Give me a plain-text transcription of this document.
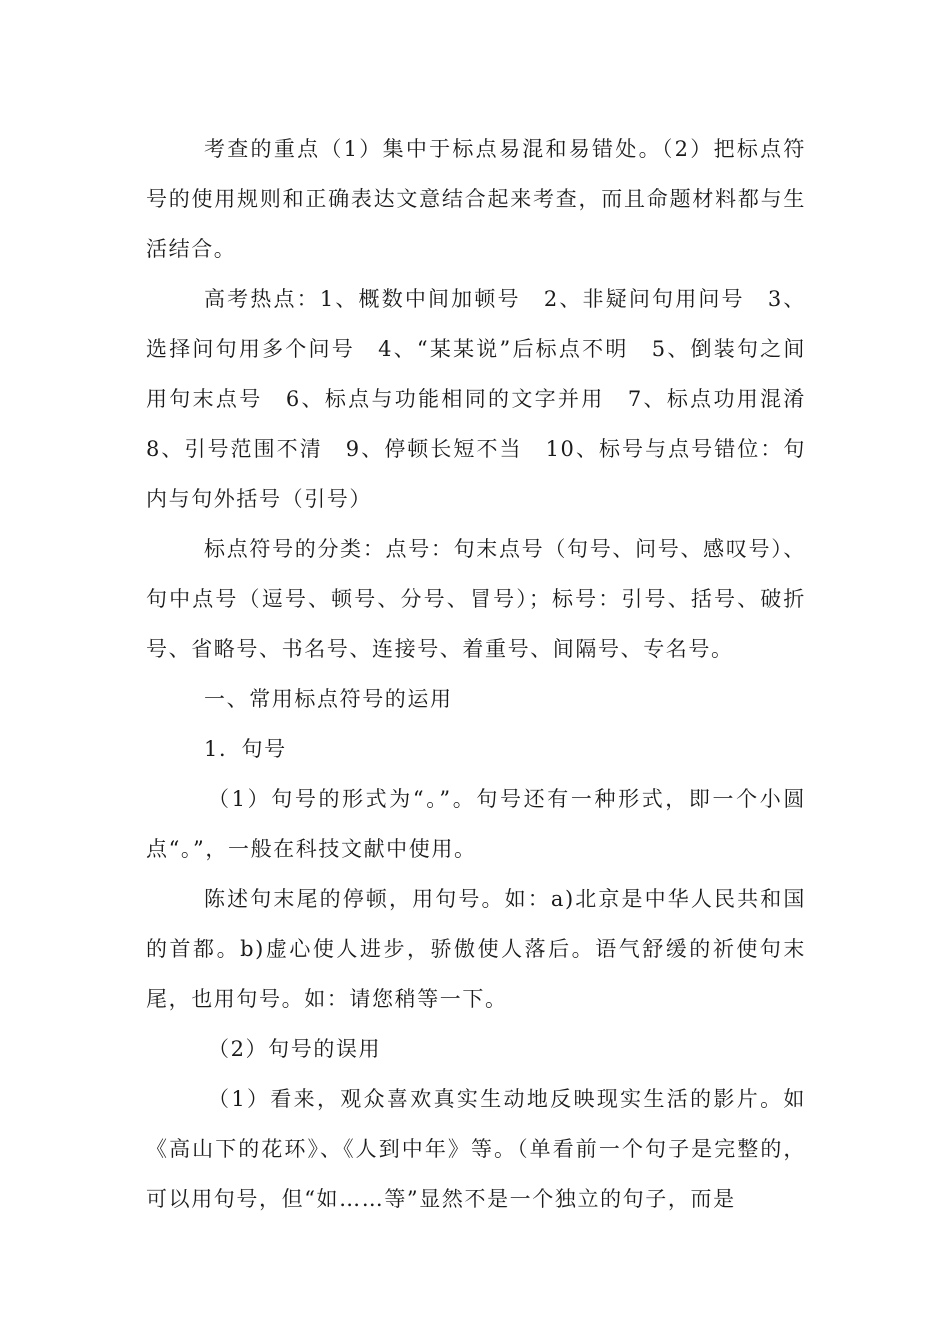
考查的重点（1）集中于标点易混和易错处。（2）把标点符号的使用规则和正确表达文意结合起来考查，而且命题材料都与生活结合。

高考热点：1、概数中间加顿号　2、非疑问句用问号　3、选择问句用多个问号　4、“某某说”后标点不明　5、倒装句之间用句末点号　6、标点与功能相同的文字并用　7、标点功用混淆　8、引号范围不清　9、停顿长短不当　10、标号与点号错位：句内与句外括号（引号）

标点符号的分类：点号：句末点号（句号、问号、感叹号）、句中点号（逗号、顿号、分号、冒号）；标号：引号、括号、破折号、省略号、书名号、连接号、着重号、间隔号、专名号。

一、常用标点符号的运用

1．句号

（1）句号的形式为“。”。句号还有一种形式，即一个小圆点“。”，一般在科技文献中使用。

陈述句末尾的停顿，用句号。如：a)北京是中华人民共和国的首都。b)虚心使人进步，骄傲使人落后。语气舒缓的祈使句末尾，也用句号。如：请您稍等一下。

（2）句号的误用

（1）看来，观众喜欢真实生动地反映现实生活的影片。如《高山下的花环》、《人到中年》等。（单看前一个句子是完整的，可以用句号，但“如……等”显然不是一个独立的句子，而是
